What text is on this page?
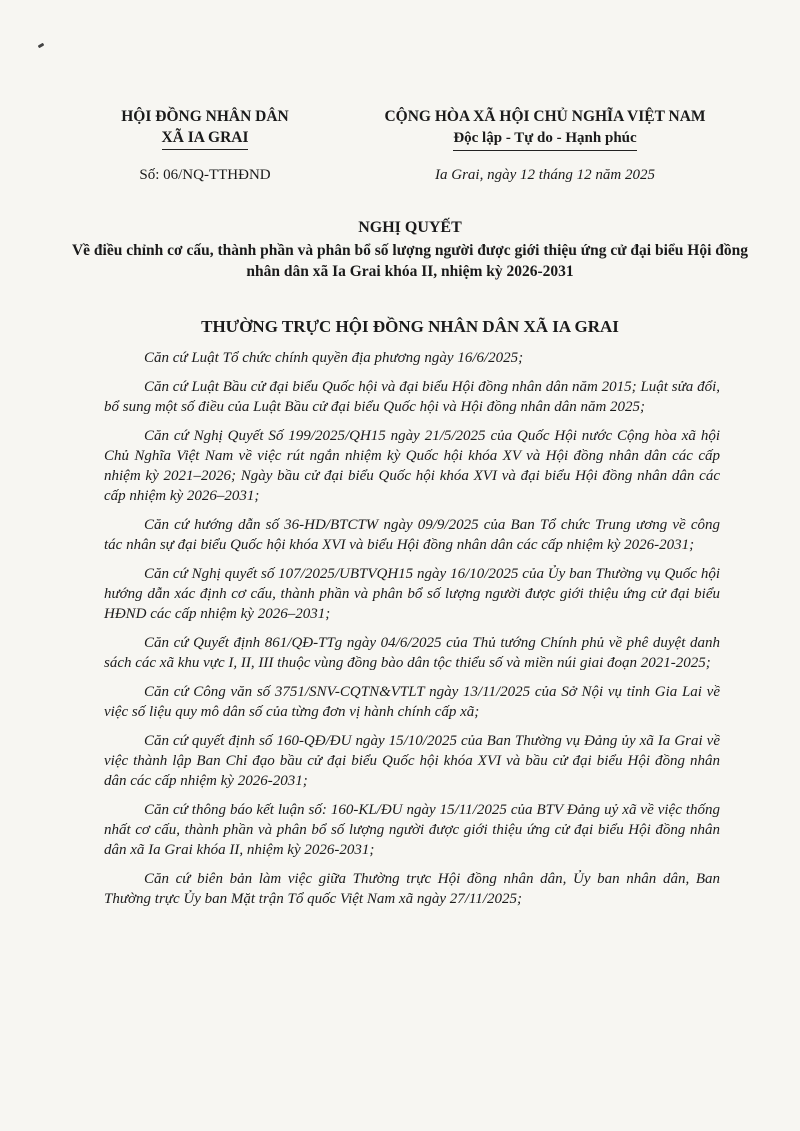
HỘI ĐỒNG NHÂN DÂN
XÃ IA GRAI
Số: 06/NQ-TTHĐND
CỘNG HÒA XÃ HỘI CHỦ NGHĨA VIỆT NAM
Độc lập - Tự do - Hạnh phúc
Ia Grai, ngày 12 tháng 12 năm 2025
NGHỊ QUYẾT
Về điều chỉnh cơ cấu, thành phần và phân bổ số lượng người được giới thiệu ứng cử đại biểu Hội đồng nhân dân xã Ia Grai khóa II, nhiệm kỳ 2026-2031
THƯỜNG TRỰC HỘI ĐỒNG NHÂN DÂN XÃ IA GRAI

Căn cứ Luật Tổ chức chính quyền địa phương ngày 16/6/2025;

Căn cứ Luật Bầu cử đại biểu Quốc hội và đại biểu Hội đồng nhân dân năm 2015; Luật sửa đổi, bổ sung một số điều của Luật Bầu cử đại biểu Quốc hội và Hội đồng nhân dân năm 2025;

Căn cứ Nghị Quyết Số 199/2025/QH15 ngày 21/5/2025 của Quốc Hội nước Cộng hòa xã hội Chủ Nghĩa Việt Nam về việc rút ngắn nhiệm kỳ Quốc hội khóa XV và Hội đồng nhân dân các cấp nhiệm kỳ 2021–2026; Ngày bầu cử đại biểu Quốc hội khóa XVI và đại biểu Hội đồng nhân dân các cấp nhiệm kỳ 2026–2031;

Căn cứ hướng dẫn số 36-HD/BTCTW ngày 09/9/2025 của Ban Tổ chức Trung ương về công tác nhân sự đại biểu Quốc hội khóa XVI và biểu Hội đồng nhân dân các cấp nhiệm kỳ 2026-2031;

Căn cứ Nghị quyết số 107/2025/UBTVQH15 ngày 16/10/2025 của Ủy ban Thường vụ Quốc hội hướng dẫn xác định cơ cấu, thành phần và phân bổ số lượng người được giới thiệu ứng cử đại biểu HĐND các cấp nhiệm kỳ 2026–2031;

Căn cứ Quyết định 861/QĐ-TTg ngày 04/6/2025 của Thủ tướng Chính phủ về phê duyệt danh sách các xã khu vực I, II, III thuộc vùng đồng bào dân tộc thiểu số và miền núi giai đoạn 2021-2025;

Căn cứ Công văn số 3751/SNV-CQTN&VTLT ngày 13/11/2025 của Sở Nội vụ tỉnh Gia Lai về việc số liệu quy mô dân số của từng đơn vị hành chính cấp xã;

Căn cứ quyết định số 160-QĐ/ĐU ngày 15/10/2025 của Ban Thường vụ Đảng ủy xã Ia Grai về việc thành lập Ban Chỉ đạo bầu cử đại biểu Quốc hội khóa XVI và bầu cử đại biểu Hội đồng nhân dân các cấp nhiệm kỳ 2026-2031;

Căn cứ thông báo kết luận số: 160-KL/ĐU ngày 15/11/2025 của BTV Đảng uỷ xã về việc thống nhất cơ cấu, thành phần và phân bổ số lượng người được giới thiệu ứng cử đại biểu Hội đồng nhân dân xã Ia Grai khóa II, nhiệm kỳ 2026-2031;

Căn cứ biên bản làm việc giữa Thường trực Hội đồng nhân dân, Ủy ban nhân dân, Ban Thường trực Ủy ban Mặt trận Tổ quốc Việt Nam xã ngày 27/11/2025;
